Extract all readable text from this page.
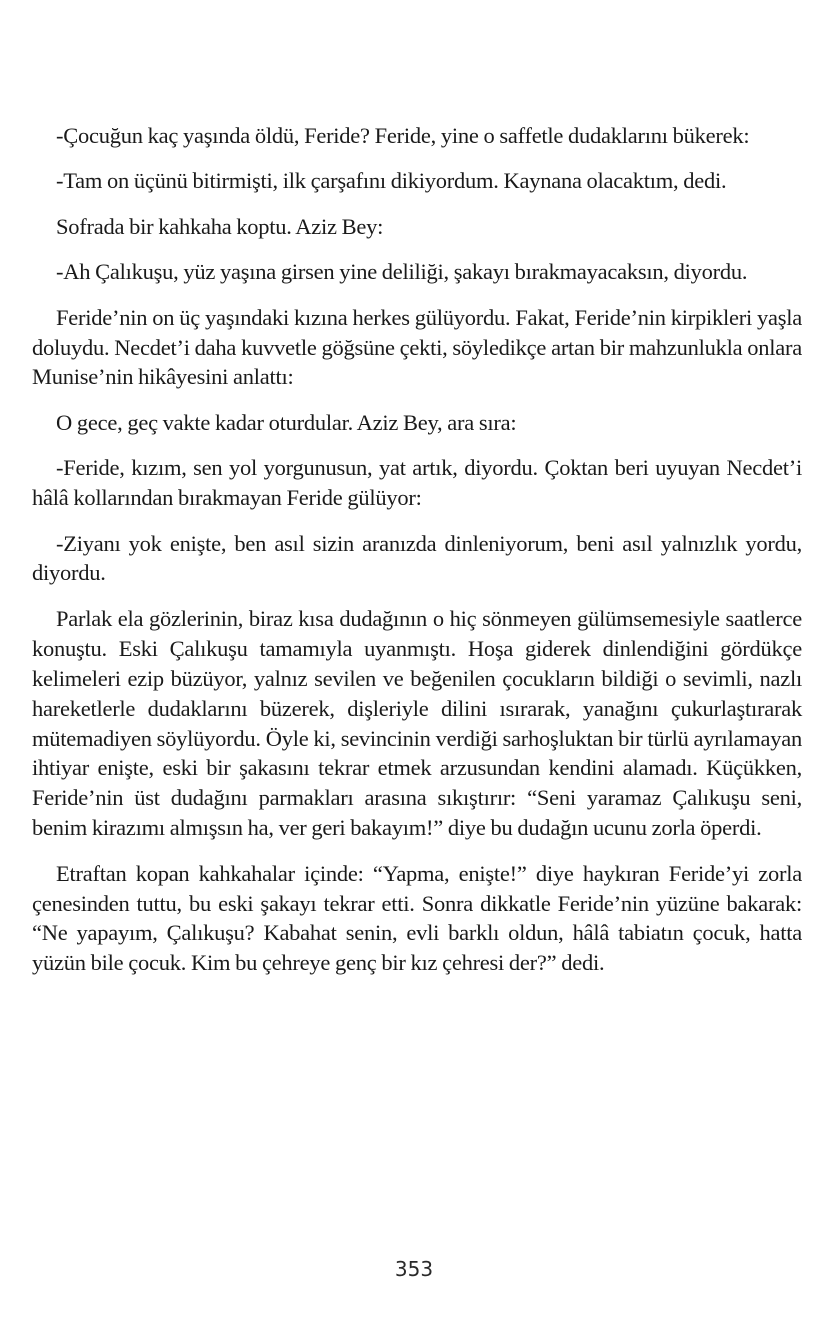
-Çocuğun kaç yaşında öldü, Feride? Feride, yine o saffetle dudaklarını bükerek:

-Tam on üçünü bitirmişti, ilk çarşafını dikiyordum. Kaynana olacaktım, dedi.

Sofrada bir kahkaha koptu. Aziz Bey:

-Ah Çalıkuşu, yüz yaşına girsen yine deliliği, şakayı bırakmayacaksın, diyordu.

Feride’nin on üç yaşındaki kızına herkes gülüyordu. Fakat, Feride’nin kirpikleri yaşla doluydu. Necdet’i daha kuvvetle göğsüne çekti, söyledikçe artan bir mahzunlukla onlara Munise’nin hikâyesini anlattı:

O gece, geç vakte kadar oturdular. Aziz Bey, ara sıra:

-Feride, kızım, sen yol yorgunusun, yat artık, diyordu. Çoktan beri uyuyan Necdet’i hâlâ kollarından bırakmayan Feride gülüyor:

-Ziyanı yok enişte, ben asıl sizin aranızda dinleniyorum, beni asıl yalnızlık yordu, diyordu.

Parlak ela gözlerinin, biraz kısa dudağının o hiç sönmeyen gülümsemesiyle saatlerce konuştu. Eski Çalıkuşu tamamıyla uyanmıştı. Hoşa giderek dinlendiğini gördükçe kelimeleri ezip büzüyor, yalnız sevilen ve beğenilen çocukların bildiği o sevimli, nazlı hareketlerle dudaklarını büzerek, dişleriyle dilini ısırarak, yanağını çukurlaştırarak mütemadiyen söylüyordu. Öyle ki, sevincinin verdiği sarhoşluktan bir türlü ayrılamayan ihtiyar enişte, eski bir şakasını tekrar etmek arzusundan kendini alamadı. Küçükken, Feride’nin üst dudağını parmakları arasına sıkıştırır: “Seni yaramaz Çalıkuşu seni, benim kirazımı almışsın ha, ver geri bakayım!” diye bu dudağın ucunu zorla öperdi.

Etraftan kopan kahkahalar içinde: “Yapma, enişte!” diye haykıran Feride’yi zorla çenesinden tuttu, bu eski şakayı tekrar etti. Sonra dikkatle Feride’nin yüzüne bakarak: “Ne yapayım, Çalıkuşu? Kabahat senin, evli barklı oldun, hâlâ tabiatın çocuk, hatta yüzün bile çocuk. Kim bu çehreye genç bir kız çehresi der?” dedi.

353
